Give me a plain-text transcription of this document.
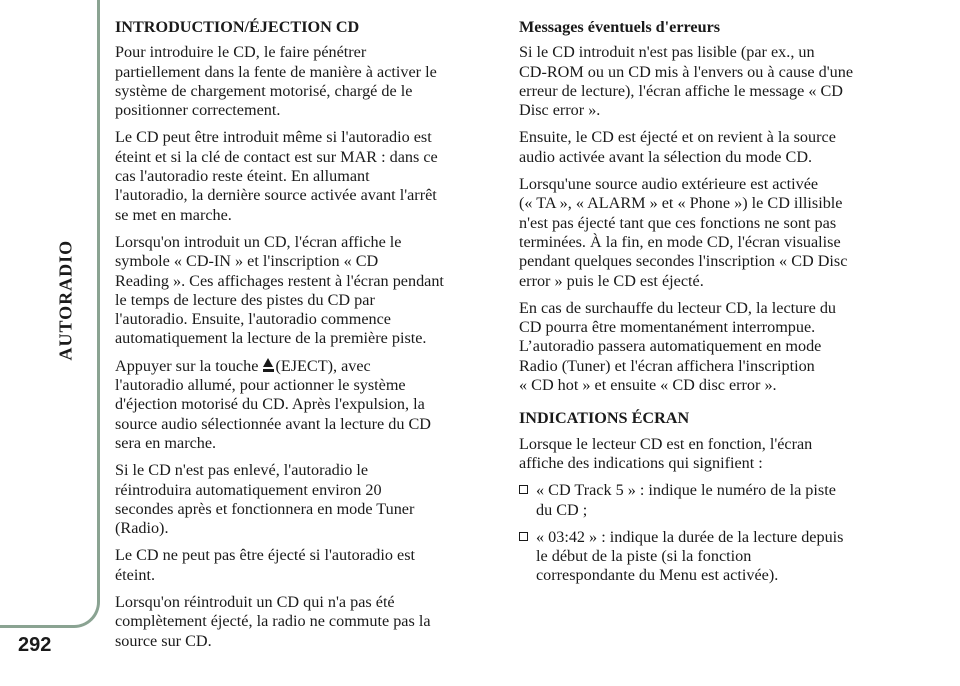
AUTORADIO
292
INTRODUCTION/ÉJECTION CD

Pour introduire le CD, le faire pénétrer
partiellement dans la fente de manière à activer le
système de chargement motorisé, chargé de le
positionner correctement.

Le CD peut être introduit même si l'autoradio est
éteint et si la clé de contact est sur MAR : dans ce
cas l'autoradio reste éteint. En allumant
l'autoradio, la dernière source activée avant l'arrêt
se met en marche.

Lorsqu'on introduit un CD, l'écran affiche le
symbole « CD-IN » et l'inscription « CD
Reading ». Ces affichages restent à l'écran pendant
le temps de lecture des pistes du CD par
l'autoradio. Ensuite, l'autoradio commence
automatiquement la lecture de la première piste.

Appuyer sur la touche
(EJECT), avec
l'autoradio allumé, pour actionner le système
d'éjection motorisé du CD. Après l'expulsion, la
source audio sélectionnée avant la lecture du CD
sera en marche.

Si le CD n'est pas enlevé, l'autoradio le
réintroduira automatiquement environ 20
secondes après et fonctionnera en mode Tuner
(Radio).

Le CD ne peut pas être éjecté si l'autoradio est
éteint.

Lorsqu'on réintroduit un CD qui n'a pas été
complètement éjecté, la radio ne commute pas la
source sur CD.

Messages éventuels d'erreurs

Si le CD introduit n'est pas lisible (par ex., un
CD-ROM ou un CD mis à l'envers ou à cause d'une
erreur de lecture), l'écran affiche le message « CD
Disc error ».

Ensuite, le CD est éjecté et on revient à la source
audio activée avant la sélection du mode CD.

Lorsqu'une source audio extérieure est activée
(« TA », « ALARM » et « Phone ») le CD illisible
n'est pas éjecté tant que ces fonctions ne sont pas
terminées. À la fin, en mode CD, l'écran visualise
pendant quelques secondes l'inscription « CD Disc
error » puis le CD est éjecté.

En cas de surchauffe du lecteur CD, la lecture du
CD pourra être momentanément interrompue.
L’autoradio passera automatiquement en mode
Radio (Tuner) et l'écran affichera l'inscription
« CD hot » et ensuite « CD disc error ».

INDICATIONS ÉCRAN

Lorsque le lecteur CD est en fonction, l'écran
affiche des indications qui signifient :

« CD Track 5 » : indique le numéro de la piste
du CD ;
« 03:42 » : indique la durée de la lecture depuis
le début de la piste (si la fonction
correspondante du Menu est activée).
